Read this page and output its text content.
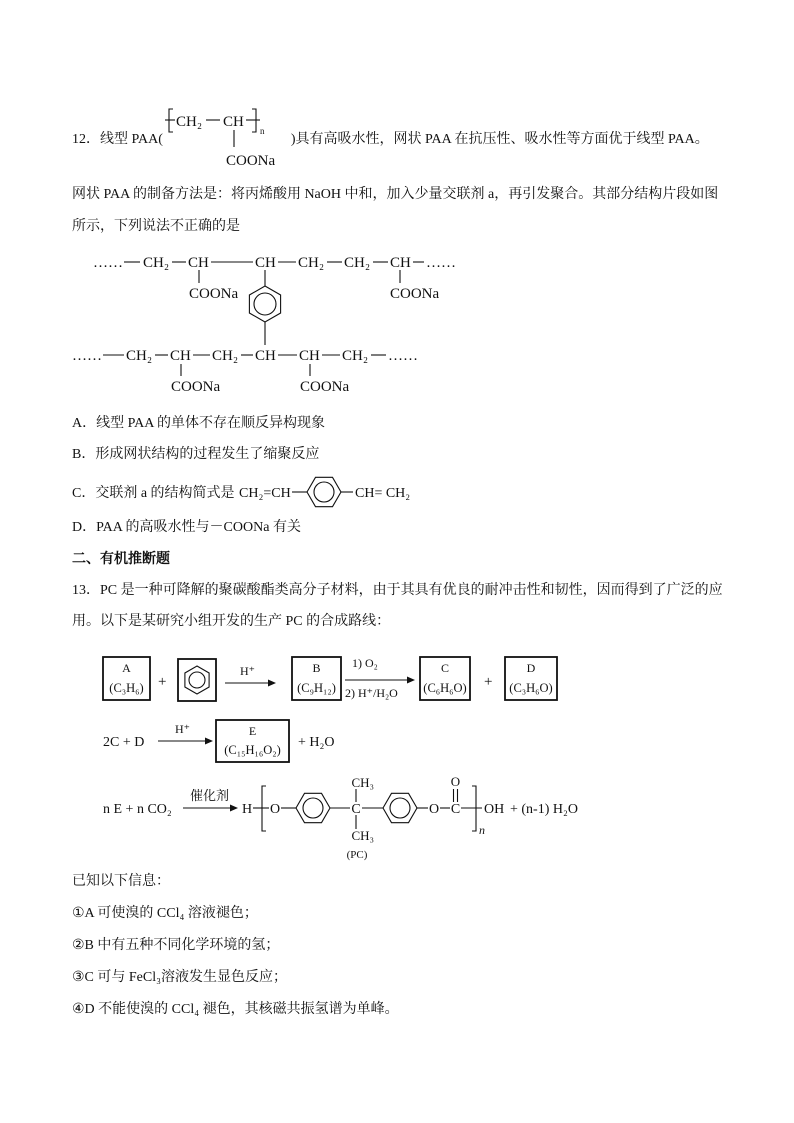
12．线型 PAA(
CH₂ CH
n
COONa
)具有高吸水性，网状 PAA 在抗压性、吸水性等方面优于线型 PAA。
网状 PAA 的制备方法是：将丙烯酸用 NaOH 中和，加入少量交联剂 a，再引发聚合。其部分结构片段如图
所示，下列说法不正确的是
A．线型 PAA 的单体不存在顺反异构现象
B．形成网状结构的过程发生了缩聚反应
C．交联剂 a 的结构简式是 CH₂=CH	CH= CH₂
D．PAA 的高吸水性与－COONa 有关
二、有机推断题
13．PC 是一种可降解的聚碳酸酯类高分子材料，由于其具有优良的耐冲击性和韧性，因而得到了广泛的应
用。以下是某研究小组开发的生产 PC 的合成路线：
已知以下信息：
①A 可使溴的 CCl₄ 溶液褪色；
②B 中有五种不同化学环境的氢；
③C 可与 FeCl₃溶液发生显色反应；
④D 不能使溴的 CCl₄ 褪色，其核磁共振氢谱为单峰。
…… CH₂ CH	CH CH₂ CH₂ CH ……
COONa	COONa
…… CH₂ CH CH₂ CH CH CH₂ ……
COONa	COONa
A
(C₃H₆) +
H⁺	B
(C₉H₁₂)
1) O₂
2) H⁺/H₂O
C
(C₆H₆O) +
D
(C₃H₆O)
2C + D
H⁺	E
(C₁₅H₁₆O₂) + H₂O
n E + n CO₂
催化剂
H O	C
CH₃
CH₃
(PC)
O C
O
n
OH + (n-1) H₂O
